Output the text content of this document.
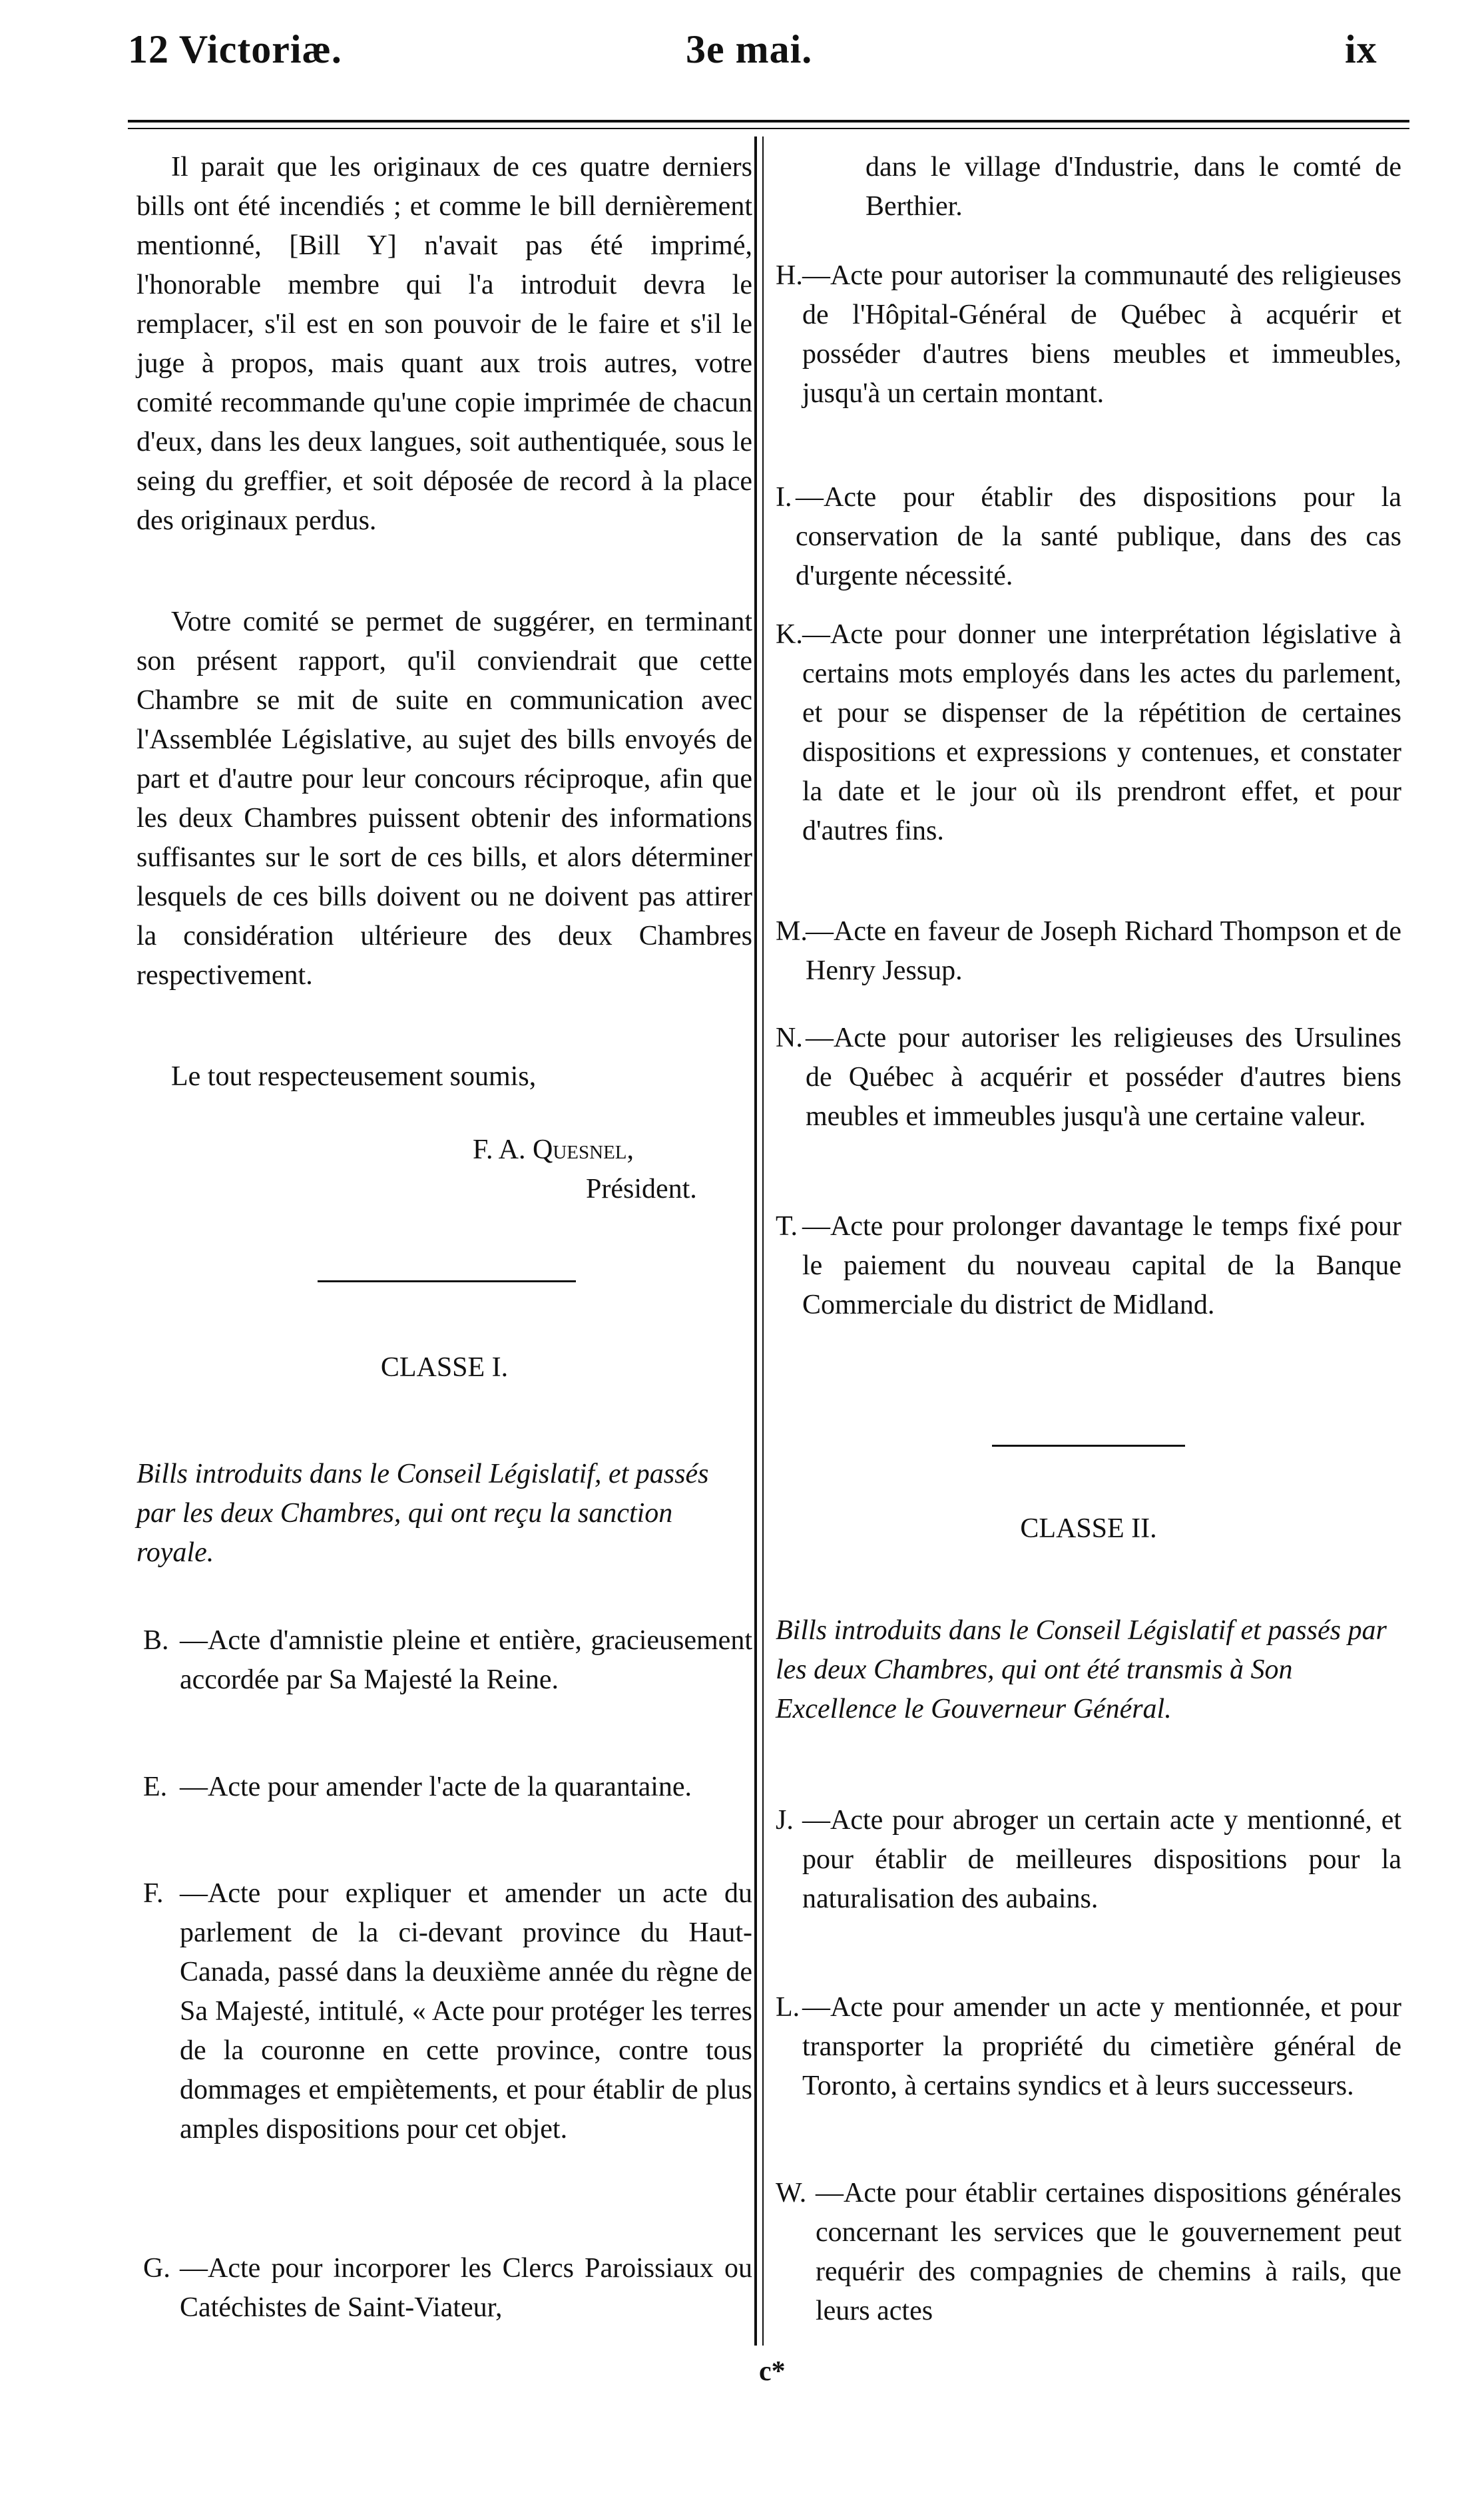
12 Victoriæ.	3e mai.	ix

Il parait que les originaux de ces quatre derniers bills ont été incendiés ; et comme le bill dernièrement mentionné, [Bill Y] n'avait pas été imprimé, l'honorable membre qui l'a introduit devra le remplacer, s'il est en son pouvoir de le faire et s'il le juge à propos, mais quant aux trois autres, votre comité recommande qu'une copie imprimée de chacun d'eux, dans les deux langues, soit authentiquée, sous le seing du greffier, et soit déposée de record à la place des originaux perdus.

Votre comité se permet de suggérer, en terminant son présent rapport, qu'il conviendrait que cette Chambre se mit de suite en communication avec l'Assemblée Législative, au sujet des bills envoyés de part et d'autre pour leur concours réciproque, afin que les deux Chambres puissent obtenir des informations suffisantes sur le sort de ces bills, et alors déterminer lesquels de ces bills doivent ou ne doivent pas attirer la considération ultérieure des deux Chambres respectivement.

Le tout respecteusement soumis,

F. A. Quesnel,
Président.
CLASSE I.

Bills introduits dans le Conseil Législatif, et passés par les deux Chambres, qui ont reçu la sanction royale.

B. —Acte d'amnistie pleine et entière, gracieusement accordée par Sa Majesté la Reine.
E. —Acte pour amender l'acte de la quarantaine.
F. —Acte pour expliquer et amender un acte du parlement de la ci-devant province du Haut-Canada, passé dans la deuxième année du règne de Sa Majesté, intitulé, « Acte pour protéger les terres de la couronne en cette province, contre tous dommages et empiètements, et pour établir de plus amples dispositions pour cet objet.
G. —Acte pour incorporer les Clercs Paroissiaux ou Catéchistes de Saint-Viateur,

dans le village d'Industrie, dans le comté de Berthier.

H. —Acte pour autoriser la communauté des religieuses de l'Hôpital-Général de Québec à acquérir et posséder d'autres biens meubles et immeubles, jusqu'à un certain montant.
I. —Acte pour établir des dispositions pour la conservation de la santé publique, dans des cas d'urgente nécessité.
K. —Acte pour donner une interprétation législative à certains mots employés dans les actes du parlement, et pour se dispenser de la répétition de certaines dispositions et expressions y contenues, et constater la date et le jour où ils prendront effet, et pour d'autres fins.
M.
—Acte en faveur de Joseph Richard Thompson et de Henry Jessup.
N. —Acte pour autoriser les religieuses des Ursulines de Québec à acquérir et posséder d'autres biens meubles et immeubles jusqu'à une certaine valeur.
T. —Acte pour prolonger davantage le temps fixé pour le paiement du nouveau capital de la Banque Commerciale du district de Midland.
CLASSE II.

Bills introduits dans le Conseil Législatif et passés par les deux Chambres, qui ont été transmis à Son Excellence le Gouverneur Général.

J. —Acte pour abroger un certain acte y mentionné, et pour établir de meilleures dispositions pour la naturalisation des aubains.
L. —Acte pour amender un acte y mentionnée, et pour transporter la propriété du cimetière général de Toronto, à certains syndics et à leurs successeurs.
W. —Acte pour établir certaines dispositions générales concernant les services que le gouvernement peut requérir des compagnies de chemins à rails, que leurs actes
c*
